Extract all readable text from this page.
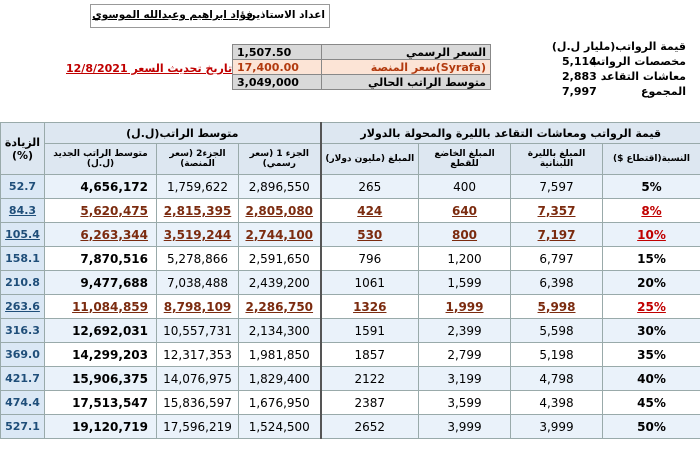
اعداد الاستاذين
فؤاد ابراهيم وعبدالله الموسوي
1,507.50	السعر الرسمي
17,400.00	سعر المنصة(Syrafa)
3,049,000	متوسط الراتب الحالي
تاريخ تحديث السعر 12/8/2021
قيمة الرواتب(مليار ل.ل)
مخصصات الرواتب
5,114
معاشات التقاعد
2,883
المجموع
7,997
الزيادة
(%)	متوسط الراتب(ل.ل)			قيمة الرواتب ومعاشات التقاعد بالليرة والمحولة بالدولار			
	متوسط الراتب الجديد (ل.ل)	الجزء2 (سعر المنصة)	الجزء 1 (سعر رسمي)	المبلغ (مليون دولار)	المبلغ الخاضع للقطع	المبلغ بالليرة اللبنانية	النسبة(اقتطاع $)
52.7	4,656,172	1,759,622	2,896,550	265	400	7,597	5%
84.3	5,620,475	2,815,395	2,805,080	424	640	7,357	8%
105.4	6,263,344	3,519,244	2,744,100	530	800	7,197	10%
158.1	7,870,516	5,278,866	2,591,650	796	1,200	6,797	15%
210.8	9,477,688	7,038,488	2,439,200	1061	1,599	6,398	20%
263.6	11,084,859	8,798,109	2,286,750	1326	1,999	5,998	25%
316.3	12,692,031	10,557,731	2,134,300	1591	2,399	5,598	30%
369.0	14,299,203	12,317,353	1,981,850	1857	2,799	5,198	35%
421.7	15,906,375	14,076,975	1,829,400	2122	3,199	4,798	40%
474.4	17,513,547	15,836,597	1,676,950	2387	3,599	4,398	45%
527.1	19,120,719	17,596,219	1,524,500	2652	3,999	3,999	50%
